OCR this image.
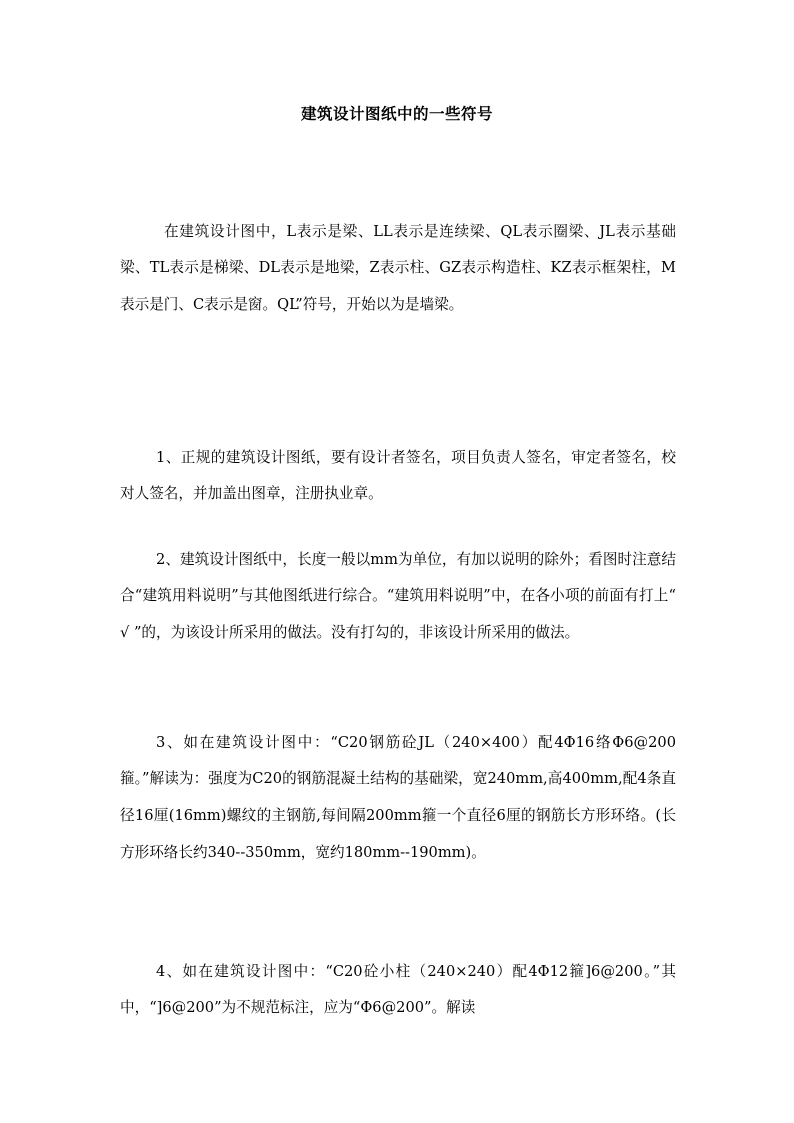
建筑设计图纸中的一些符号

在建筑设计图中，L表示是梁、LL表示是连续梁、QL表示圈梁、JL表示基础梁、TL表示是梯梁、DL表示是地梁，Z表示柱、GZ表示构造柱、KZ表示框架柱，M表示是门、C表示是窗。QL”符号，开始以为是墙梁。

1、正规的建筑设计图纸，要有设计者签名，项目负责人签名，审定者签名，校对人签名，并加盖出图章，注册执业章。

2、建筑设计图纸中，长度一般以mm为单位，有加以说明的除外；看图时注意结合“建筑用料说明”与其他图纸进行综合。“建筑用料说明”中，在各小项的前面有打上“ √ ”的，为该设计所采用的做法。没有打勾的，非该设计所采用的做法。

3、如在建筑设计图中：“C20钢筋砼JL（240×400）配4Φ16络Φ6@200箍。”解读为：强度为C20的钢筋混凝土结构的基础梁，宽240mm,高400mm,配4条直径16厘(16mm)螺纹的主钢筋,每间隔200mm箍一个直径6厘的钢筋长方形环络。(长方形环络长约340--350mm，宽约180mm--190mm)。

4、如在建筑设计图中：“C20砼小柱（240×240）配4Φ12箍]6@200。”其中，“]6@200”为不规范标注，应为“Φ6@200”。解读
